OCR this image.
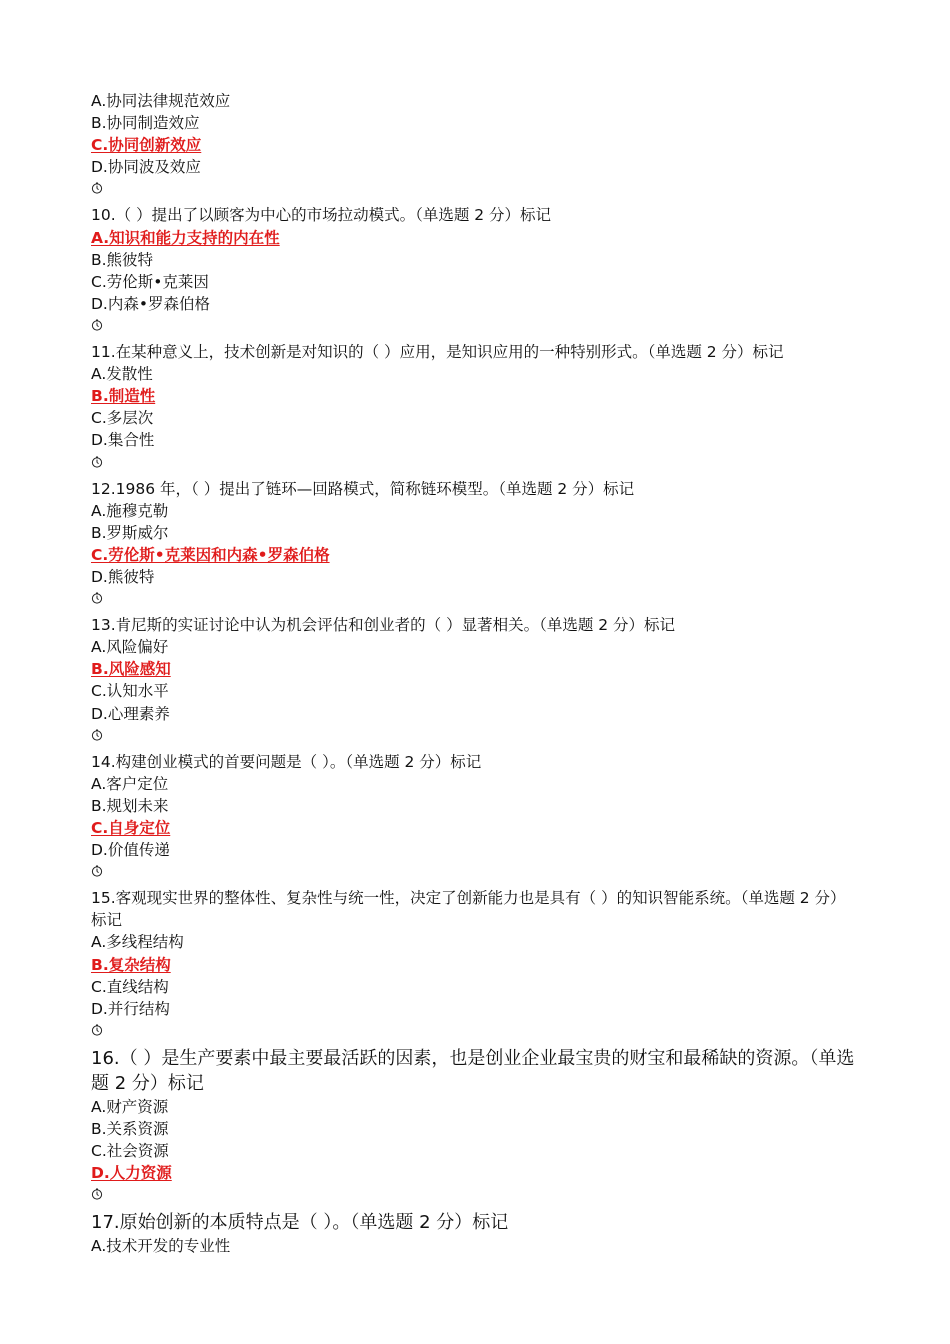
A.协同法律规范效应
B.协同制造效应
C.协同创新效应
D.协同波及效应
10.（ ）提出了以顾客为中心的市场拉动模式。（单选题 2 分）标记
A.知识和能力支持的内在性
B.熊彼特
C.劳伦斯•克莱因
D.内森•罗森伯格
11.在某种意义上，技术创新是对知识的（ ）应用，是知识应用的一种特别形式。（单选题 2 分）标记
A.发散性
B.制造性
C.多层次
D.集合性
12.1986 年，（ ）提出了链环—回路模式，简称链环模型。（单选题 2 分）标记
A.施穆克勒
B.罗斯威尔
C.劳伦斯•克莱因和内森•罗森伯格
D.熊彼特
13.肯尼斯的实证讨论中认为机会评估和创业者的（ ）显著相关。（单选题 2 分）标记
A.风险偏好
B.风险感知
C.认知水平
D.心理素养
14.构建创业模式的首要问题是（ ）。（单选题 2 分）标记
A.客户定位
B.规划未来
C.自身定位
D.价值传递
15.客观现实世界的整体性、复杂性与统一性，决定了创新能力也是具有（ ）的知识智能系统。（单选题 2 分）标记
A.多线程结构
B.复杂结构
C.直线结构
D.并行结构
16.（ ）是生产要素中最主要最活跃的因素，也是创业企业最宝贵的财宝和最稀缺的资源。（单选题 2 分）标记
A.财产资源
B.关系资源
C.社会资源
D.人力资源
17.原始创新的本质特点是（ ）。（单选题 2 分）标记
A.技术开发的专业性
